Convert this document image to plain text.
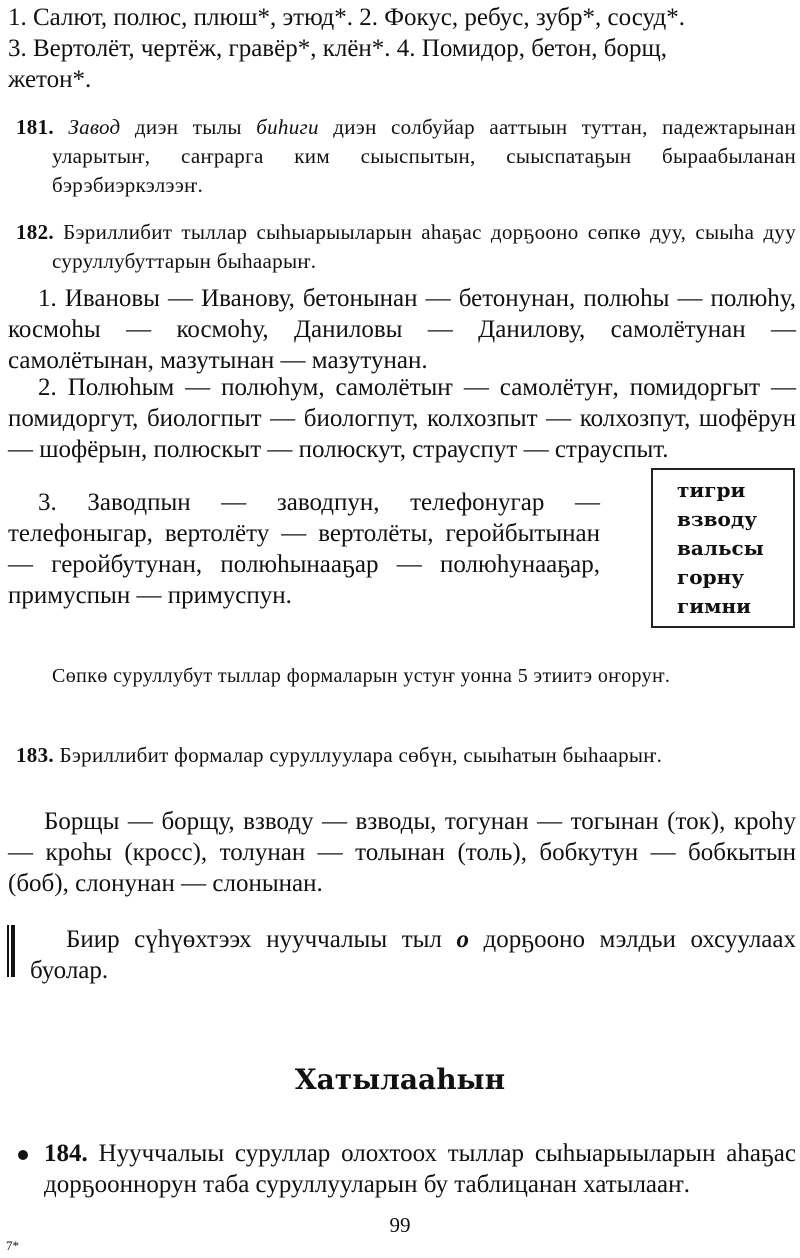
1. Салют, полюс, плюш*, этюд*. 2. Фокус, ребус, зубр*, сосуд*.

3. Вертолёт, чертёж, гравёр*, клён*. 4. Помидор, бетон, борщ,

жетон*.

181. Завод диэн тылы биһиги диэн солбуйар ааттыын туттан, падежтарынан уларытыҥ, саҥрарга ким сыыспытын, сыыспатаҕын быраабыланан бэрэбиэркэлээҥ.
182. Бэриллибит тыллар сыһыарыыларын аһаҕас дорҕооно сөпкө дуу, сыыһа дуу суруллубуттарын быһаарыҥ.
1. Ивановы — Иванову, бетонынан — бетонунан, полюһы — полюһу, космоһы — космоһу, Даниловы — Данилову, самолётунан — самолётынан, мазутынан — мазутунан.
2. Полюһым — полюһум, самолётыҥ — самолётуҥ, помидоргыт — помидоргут, биологпыт — биологпут, колхозпыт — колхозпут, шофёрун — шофёрын, полюскыт — полюскут, страуспут — страуспыт.
3. Заводпын — заводпун, телефонугар — телефоныгар, вертолёту — вертолёты, геройбытынан — геройбутунан, полюһынааҕар — полюһунааҕар, примуспын — примуспун.
тигри
взводу
вальсы
горну
гимни
Сөпкө суруллубут тыллар формаларын устуҥ уонна 5 этиитэ оҥоруҥ.
183. Бэриллибит формалар суруллуулара сөбүн, сыыһатын быһаарыҥ.
Борщы — борщу, взводу — взводы, тогунан — тогынан (ток), кроһу — кроһы (кросс), толунан — толынан (толь), бобкутун — бобкытын (боб), слонунан — слонынан.
Биир сүһүөхтээх нууччалыы тыл о дорҕооно мэлдьи охсуулаах буолар.
Хатылааһын
184. Нууччалыы суруллар олохтоох тыллар сыһыарыыларын аһаҕас дорҕооннорун таба суруллууларын бу таблицанан хатылааҥ.
99
7*
